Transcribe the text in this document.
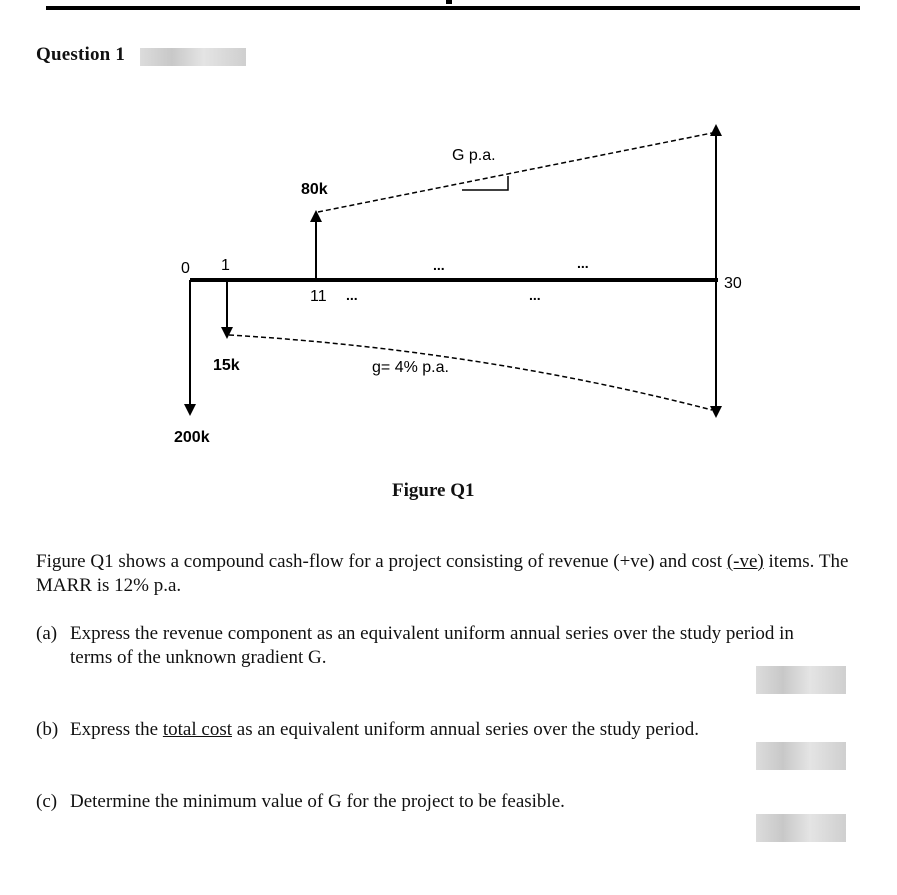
Question 1
0 1
11 ...
...
...
...
30
80k
G p.a.
15k	g= 4% p.a.
200k
Figure Q1
Figure Q1 shows a compound cash-flow for a project consisting of revenue (+ve) and cost (-ve) items. The MARR is 12% p.a.
(a) Express the revenue component as an equivalent uniform annual series over the study period in terms of the unknown gradient G.
(b) Express the total cost as an equivalent uniform annual series over the study period.
(c) Determine the minimum value of G for the project to be feasible.
